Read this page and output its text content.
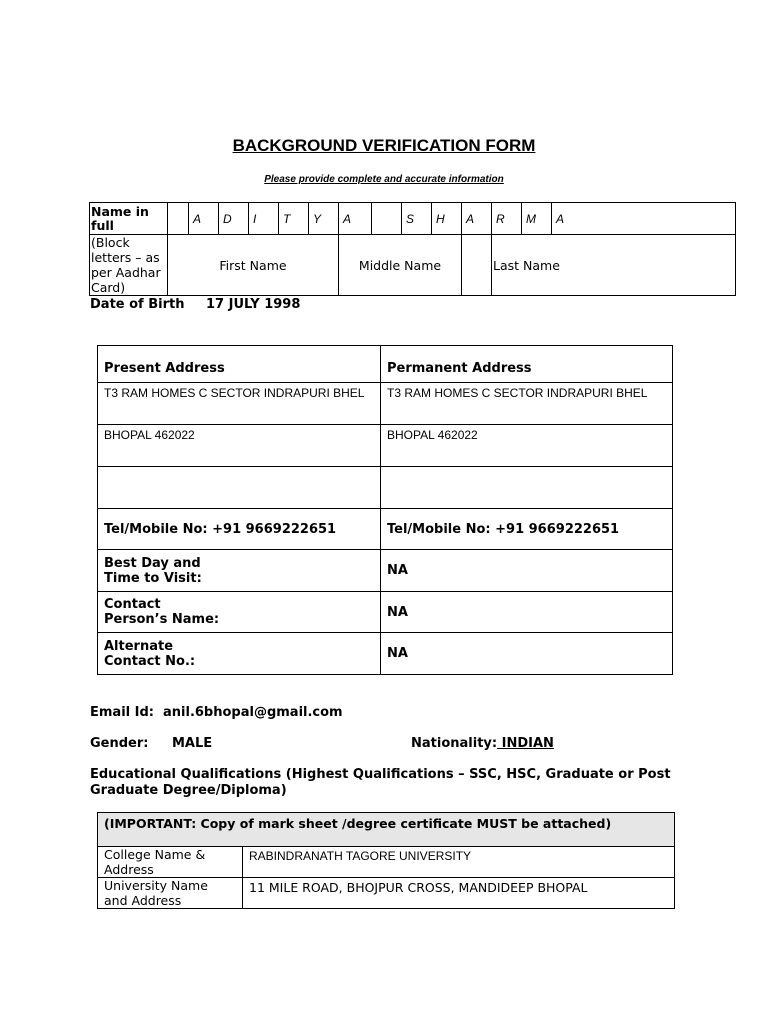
BACKGROUND VERIFICATION FORM
Please provide complete and accurate information
Name in full		A	D	I	T	Y	A		S	H	A	R	M	A
(Block letters – as per Aadhar Card)	First Name						Middle Name					Last Name		
Date of Birth 17 JULY 1998
Present Address	Permanent Address
T3 RAM HOMES C SECTOR INDRAPURI BHEL	T3 RAM HOMES C SECTOR INDRAPURI BHEL
BHOPAL 462022	BHOPAL 462022

Tel/Mobile No: +91 9669222651	Tel/Mobile No: +91 9669222651

Best Day and
Time to Visit:	NA

Contact
Person’s Name:	NA

Alternate
Contact No.:	NA
Email Id: anil.6bhopal@gmail.com
Gender: MALE	Nationality: INDIAN
Educational Qualifications (Highest Qualifications – SSC, HSC, Graduate or Post
Graduate Degree/Diploma)
(IMPORTANT: Copy of mark sheet /degree certificate MUST be attached)	

College Name &
Address	RABINDRANATH TAGORE UNIVERSITY

University Name
and Address	11 MILE ROAD, BHOJPUR CROSS, MANDIDEEP BHOPAL
